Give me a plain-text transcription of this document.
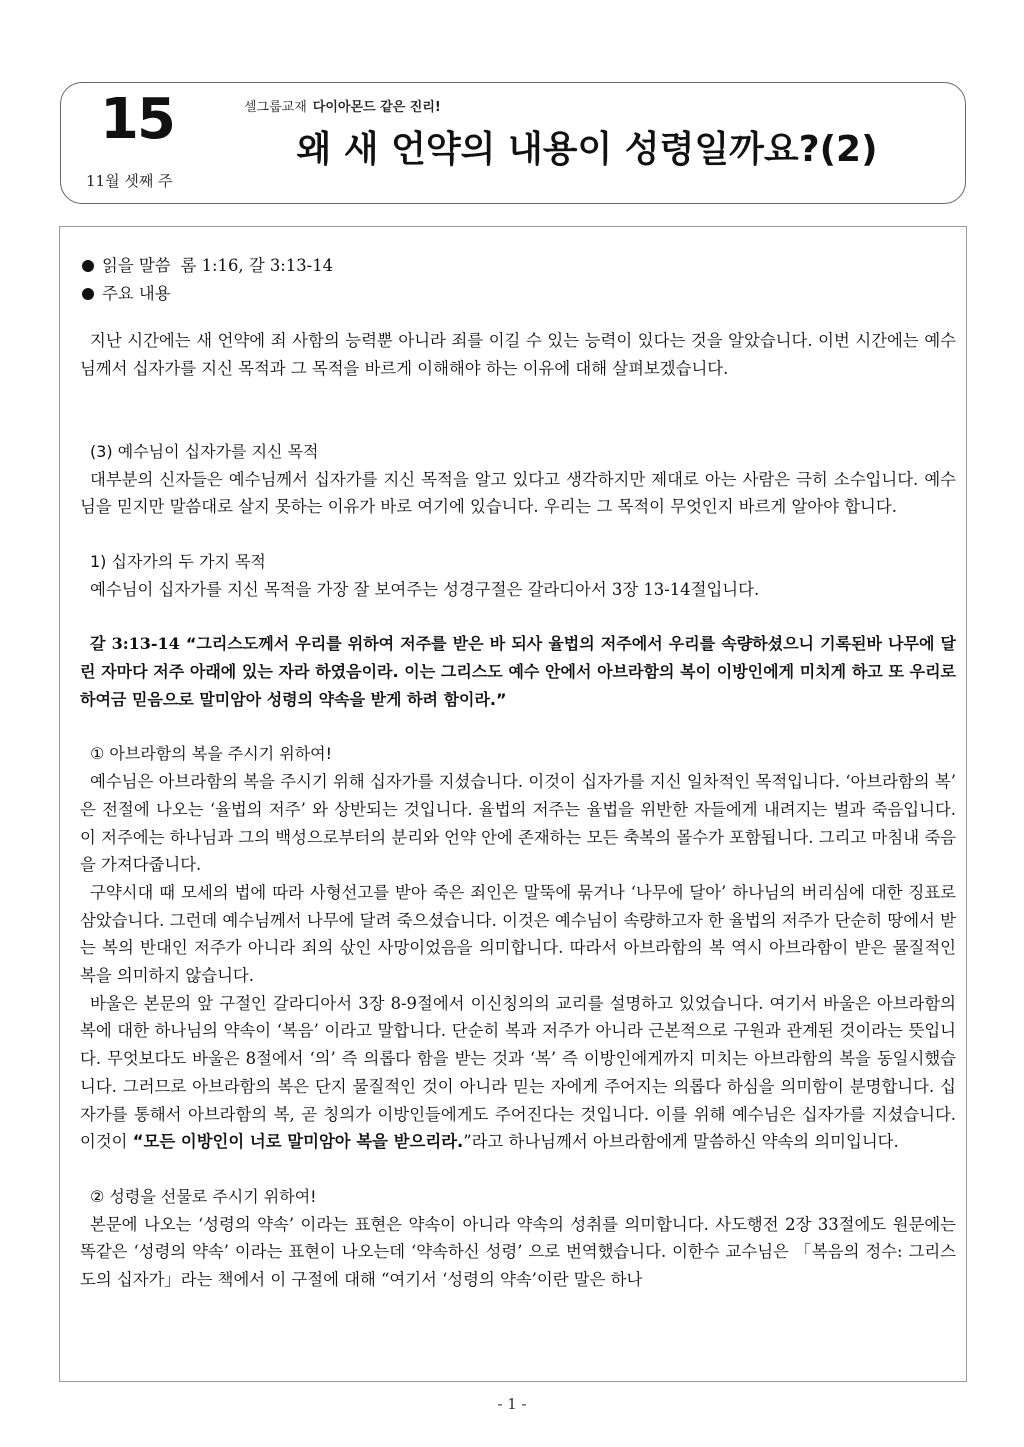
15
11월 셋째 주
셀그룹교재 다이아몬드 같은 진리!
왜 새 언약의 내용이 성령일까요?(2)

읽을 말씀 롬 1:16, 갈 3:13-14

주요 내용

지난 시간에는 새 언약에 죄 사함의 능력뿐 아니라 죄를 이길 수 있는 능력이 있다는 것을 알았습니다. 이번 시간에는 예수님께서 십자가를 지신 목적과 그 목적을 바르게 이해해야 하는 이유에 대해 살펴보겠습니다.

(3) 예수님이 십자가를 지신 목적

대부분의 신자들은 예수님께서 십자가를 지신 목적을 알고 있다고 생각하지만 제대로 아는 사람은 극히 소수입니다. 예수님을 믿지만 말씀대로 살지 못하는 이유가 바로 여기에 있습니다. 우리는 그 목적이 무엇인지 바르게 알아야 합니다.

1) 십자가의 두 가지 목적

예수님이 십자가를 지신 목적을 가장 잘 보여주는 성경구절은 갈라디아서 3장 13-14절입니다.

갈 3:13-14 “그리스도께서 우리를 위하여 저주를 받은 바 되사 율법의 저주에서 우리를 속량하셨으니 기록된바 나무에 달린 자마다 저주 아래에 있는 자라 하였음이라. 이는 그리스도 예수 안에서 아브라함의 복이 이방인에게 미치게 하고 또 우리로 하여금 믿음으로 말미암아 성령의 약속을 받게 하려 함이라.”

① 아브라함의 복을 주시기 위하여!

예수님은 아브라함의 복을 주시기 위해 십자가를 지셨습니다. 이것이 십자가를 지신 일차적인 목적입니다. ‘아브라함의 복’ 은 전절에 나오는 ‘율법의 저주’ 와 상반되는 것입니다. 율법의 저주는 율법을 위반한 자들에게 내려지는 벌과 죽음입니다. 이 저주에는 하나님과 그의 백성으로부터의 분리와 언약 안에 존재하는 모든 축복의 몰수가 포함됩니다. 그리고 마침내 죽음을 가져다줍니다.

구약시대 때 모세의 법에 따라 사형선고를 받아 죽은 죄인은 말뚝에 묶거나 ‘나무에 달아’ 하나님의 버리심에 대한 징표로 삼았습니다. 그런데 예수님께서 나무에 달려 죽으셨습니다. 이것은 예수님이 속량하고자 한 율법의 저주가 단순히 땅에서 받는 복의 반대인 저주가 아니라 죄의 삯인 사망이었음을 의미합니다. 따라서 아브라함의 복 역시 아브라함이 받은 물질적인 복을 의미하지 않습니다.

바울은 본문의 앞 구절인 갈라디아서 3장 8-9절에서 이신칭의의 교리를 설명하고 있었습니다. 여기서 바울은 아브라함의 복에 대한 하나님의 약속이 ‘복음’ 이라고 말합니다. 단순히 복과 저주가 아니라 근본적으로 구원과 관계된 것이라는 뜻입니다. 무엇보다도 바울은 8절에서 ‘의’ 즉 의롭다 함을 받는 것과 ‘복’ 즉 이방인에게까지 미치는 아브라함의 복을 동일시했습니다. 그러므로 아브라함의 복은 단지 물질적인 것이 아니라 믿는 자에게 주어지는 의롭다 하심을 의미함이 분명합니다. 십자가를 통해서 아브라함의 복, 곧 칭의가 이방인들에게도 주어진다는 것입니다. 이를 위해 예수님은 십자가를 지셨습니다. 이것이 “모든 이방인이 너로 말미암아 복을 받으리라.”라고 하나님께서 아브라함에게 말씀하신 약속의 의미입니다.

② 성령을 선물로 주시기 위하여!

본문에 나오는 ‘성령의 약속’ 이라는 표현은 약속이 아니라 약속의 성취를 의미합니다. 사도행전 2장 33절에도 원문에는 똑같은 ‘성령의 약속’ 이라는 표현이 나오는데 ‘약속하신 성령’ 으로 번역했습니다. 이한수 교수님은 「복음의 정수: 그리스도의 십자가」라는 책에서 이 구절에 대해 “여기서 ‘성령의 약속’이란 말은 하나

- 1 -
